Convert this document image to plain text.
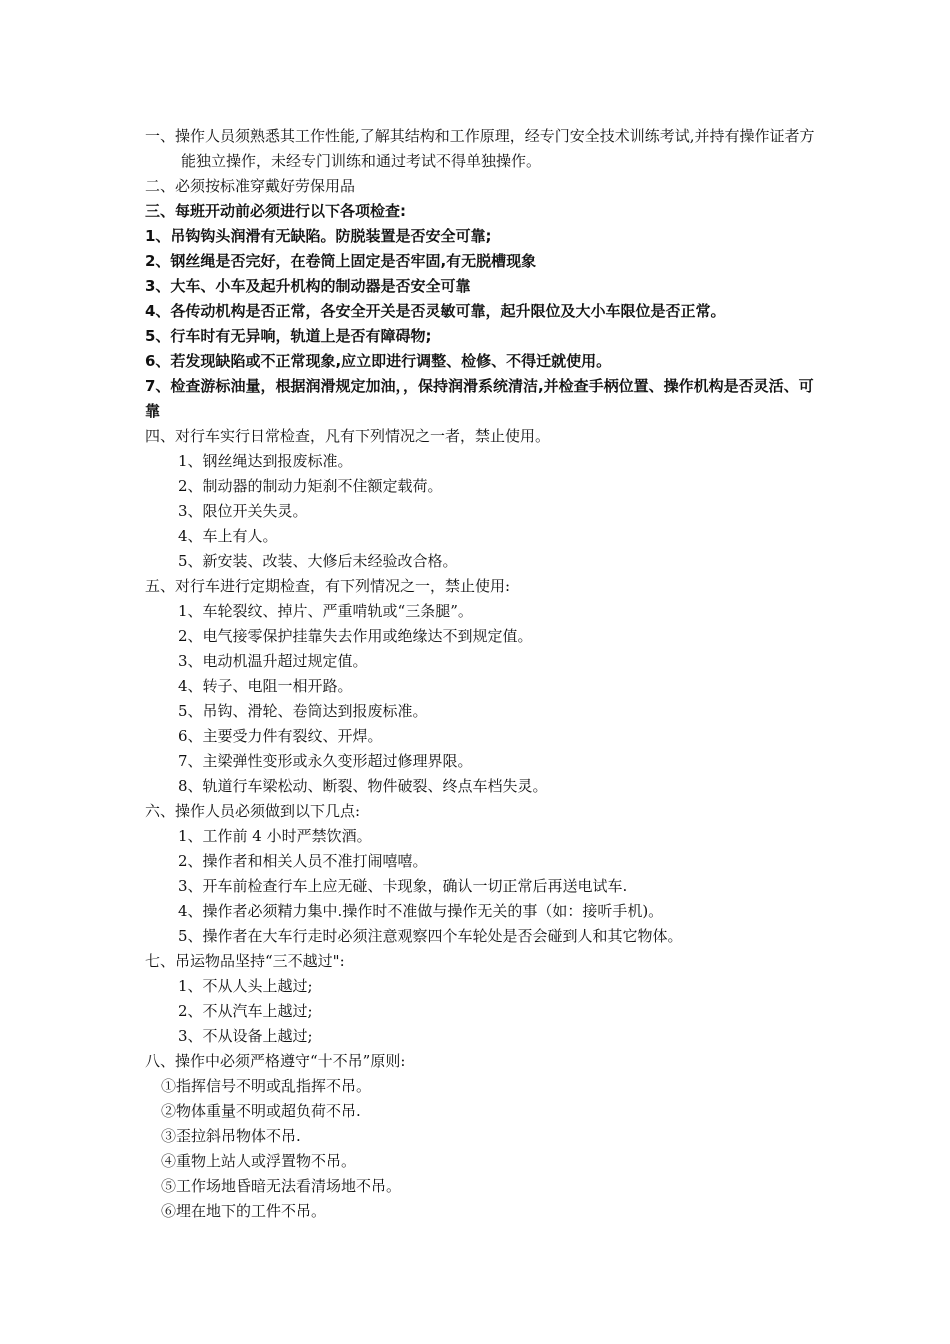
一、操作人员须熟悉其工作性能,了解其结构和工作原理，经专门安全技术训练考试,并持有操作证者方能独立操作，未经专门训练和通过考试不得单独操作。
二、必须按标准穿戴好劳保用品
三、每班开动前必须进行以下各项检查:
1、吊钩钩头润滑有无缺陷。防脱装置是否安全可靠;
2、钢丝绳是否完好，在卷筒上固定是否牢固,有无脱槽现象
3、大车、小车及起升机构的制动器是否安全可靠
4、各传动机构是否正常，各安全开关是否灵敏可靠，起升限位及大小车限位是否正常。
5、行车时有无异响，轨道上是否有障碍物;
6、若发现缺陷或不正常现象,应立即进行调整、检修、不得迁就使用。
7、检查游标油量，根据润滑规定加油，，保持润滑系统清洁,并检查手柄位置、操作机构是否灵活、可靠
四、对行车实行日常检查，凡有下列情况之一者，禁止使用。
1、钢丝绳达到报废标准。
2、制动器的制动力矩刹不住额定载荷。
3、限位开关失灵。
4、车上有人。
5、新安装、改装、大修后未经验改合格。
五、对行车进行定期检查，有下列情况之一，禁止使用:
1、车轮裂纹、掉片、严重啃轨或“三条腿”。
2、电气接零保护挂靠失去作用或绝缘达不到规定值。
3、电动机温升超过规定值。
4、转子、电阻一相开路。
5、吊钩、滑轮、卷筒达到报废标准。
6、主要受力件有裂纹、开焊。
7、主梁弹性变形或永久变形超过修理界限。
8、轨道行车梁松动、断裂、物件破裂、终点车档失灵。
六、操作人员必须做到以下几点:
1、工作前 4 小时严禁饮酒。
2、操作者和相关人员不准打闹嘻嘻。
3、开车前检查行车上应无碰、卡现象，确认一切正常后再送电试车.
4、操作者必须精力集中.操作时不准做与操作无关的事（如：接听手机)。
5、操作者在大车行走时必须注意观察四个车轮处是否会碰到人和其它物体。
七、吊运物品坚持“三不越过":
1、不从人头上越过;
2、不从汽车上越过;
3、不从设备上越过;
八、操作中必须严格遵守“十不吊”原则:
①指挥信号不明或乱指挥不吊。
②物体重量不明或超负荷不吊.
③歪拉斜吊物体不吊.
④重物上站人或浮置物不吊。
⑤工作场地昏暗无法看清场地不吊。
⑥埋在地下的工件不吊。
